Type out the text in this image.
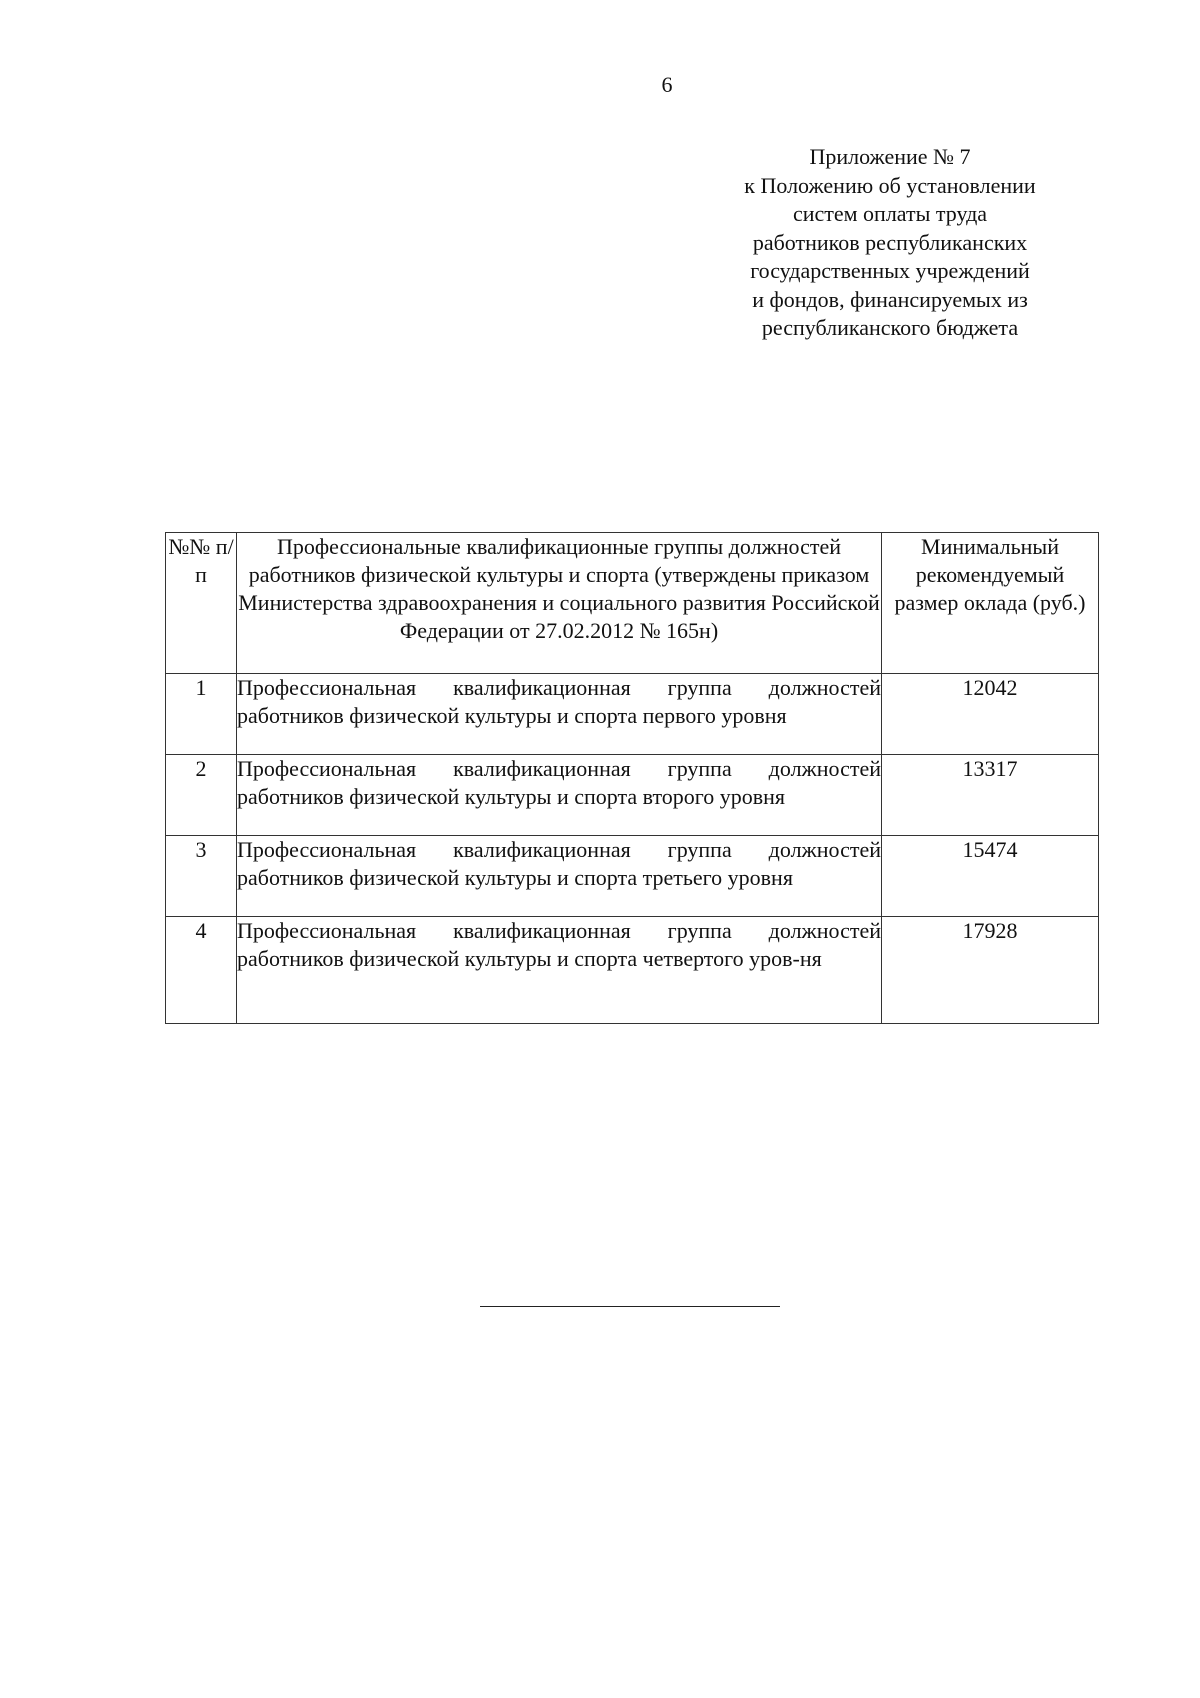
6
Приложение № 7
к Положению об установлении
систем оплаты труда
работников республиканских
государственных учреждений
и фондов, финансируемых из
республиканского бюджета
№№ п/п	Профессиональные квалификационные группы должностей работников физической культуры и спорта (утверждены приказом Министерства здравоохранения и социального развития Российской Федерации от 27.02.2012 № 165н)	Минимальный рекомендуемый размер оклада (руб.)
1	Профессиональная квалификационная группа должностей работников физической культуры и спорта первого уровня	12042
2	Профессиональная квалификационная группа должностей работников физической культуры и спорта второго уровня	13317
3	Профессиональная квалификационная группа должностей работников физической культуры и спорта третьего уровня	15474
4	Профессиональная квалификационная группа должностей работников физической культуры и спорта четвертого уров-ня	17928
